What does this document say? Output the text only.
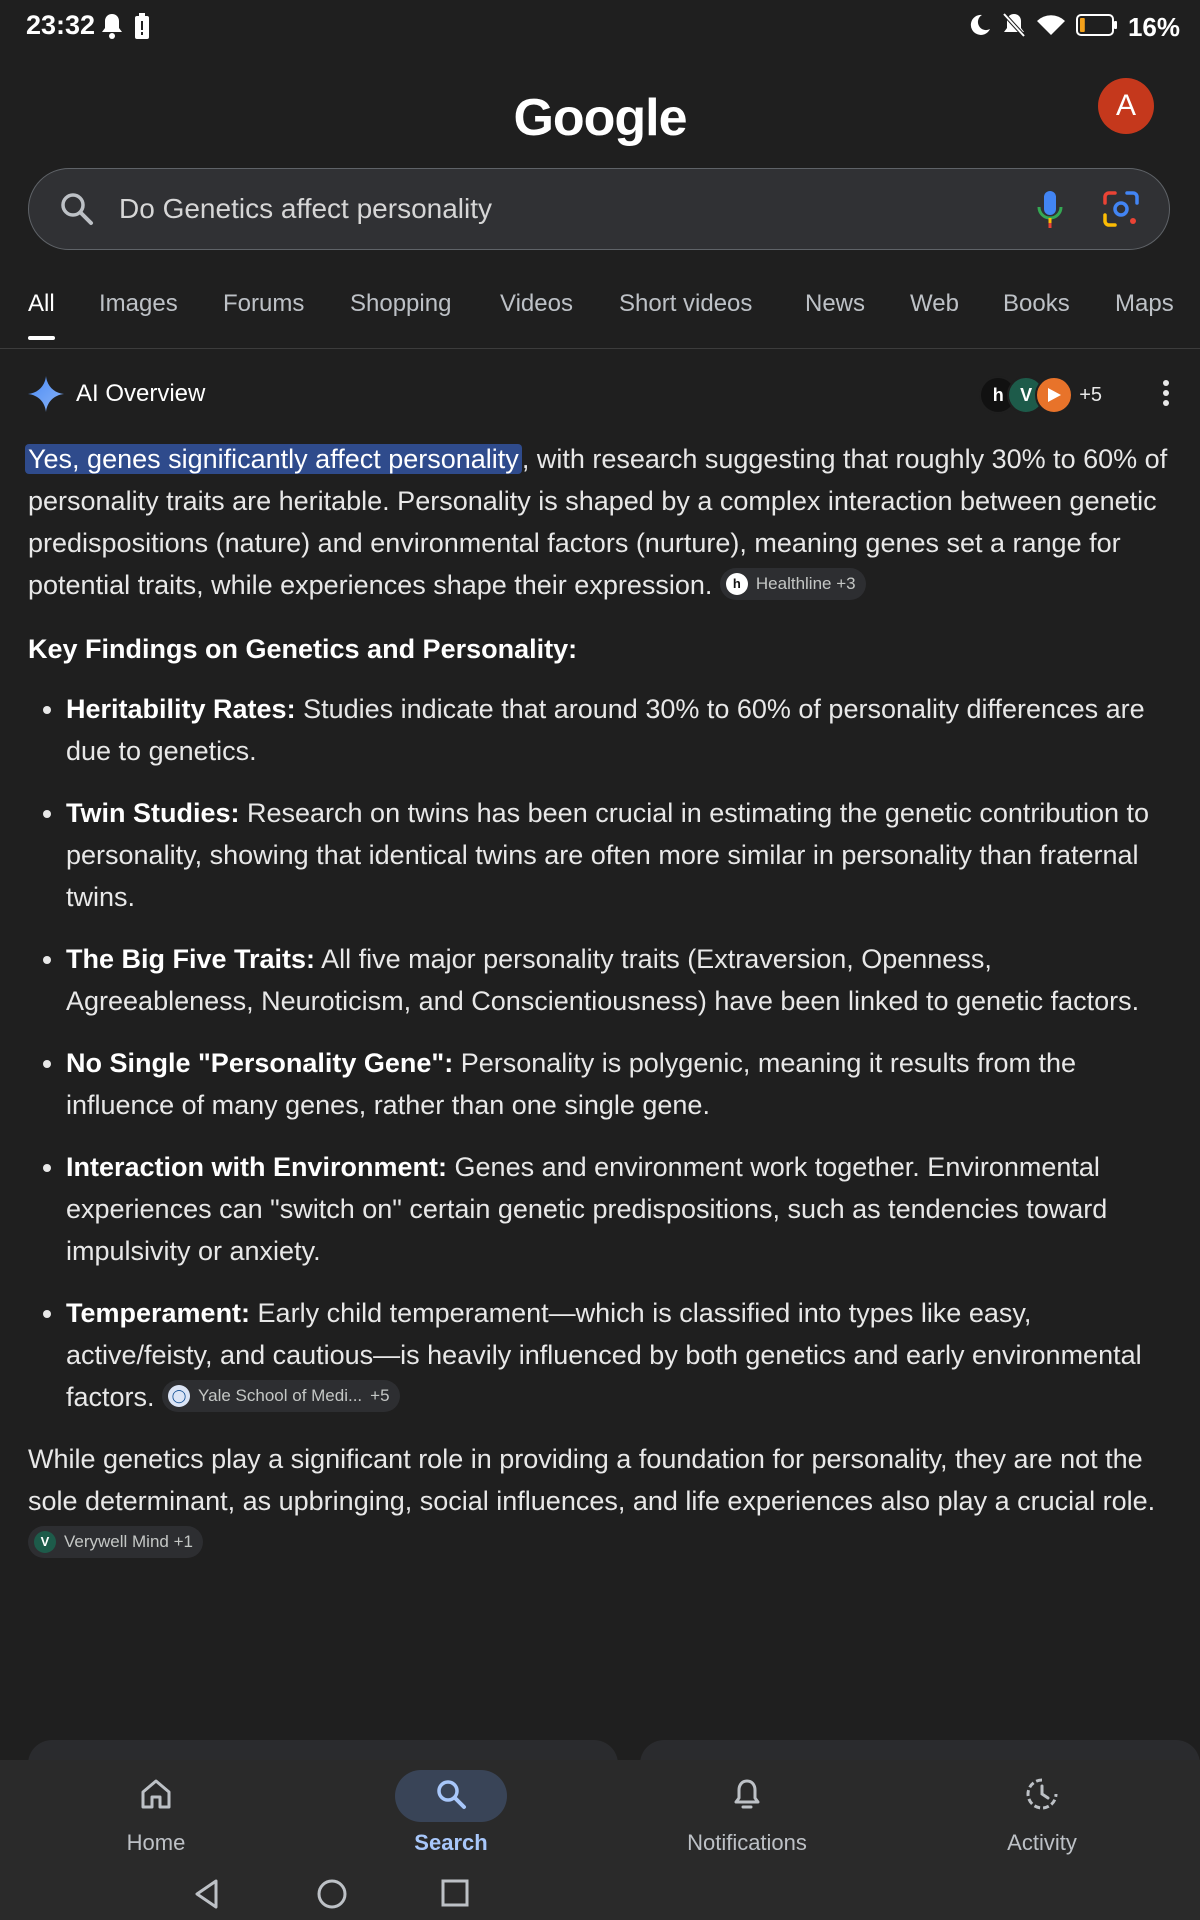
23:32	16%
Google	A
Do Genetics affect personality
All Images Forums Shopping Videos Short videos News Web Books Maps
AI Overview	h V	+5

Yes, genes significantly affect personality , with research suggesting that roughly 30% to 60% of personality traits are heritable. Personality is shaped by a complex interaction between genetic predispositions (nature) and environmental factors (nurture), meaning genes set a range for potential traits, while experiences shape their expression.	h Healthline +3

Key Findings on Genetics and Personality:
• Heritability Rates: Studies indicate that around 30% to 60% of personality differences are due to genetics.
• Twin Studies: Research on twins has been crucial in estimating the genetic contribution to personality, showing that identical twins are often more similar in personality than fraternal twins.
• The Big Five Traits: All five major personality traits (Extraversion, Openness, Agreeableness, Neuroticism, and Conscientiousness) have been linked to genetic factors.
• No Single "Personality Gene": Personality is polygenic, meaning it results from the influence of many genes, rather than one single gene.
• Interaction with Environment: Genes and environment work together. Environmental experiences can "switch on" certain genetic predispositions, such as tendencies toward impulsivity or anxiety.
• Temperament: Early child temperament—which is classified into types like easy, active/feisty, and cautious—is heavily influenced by both genetics and early environmental factors. ◯ Yale School of Medi... +5

While genetics play a significant role in providing a foundation for personality, they are not the sole determinant, as upbringing, social influences, and life experiences also play a crucial role.
V Verywell Mind +1

Home	Search	Notifications	Activity
